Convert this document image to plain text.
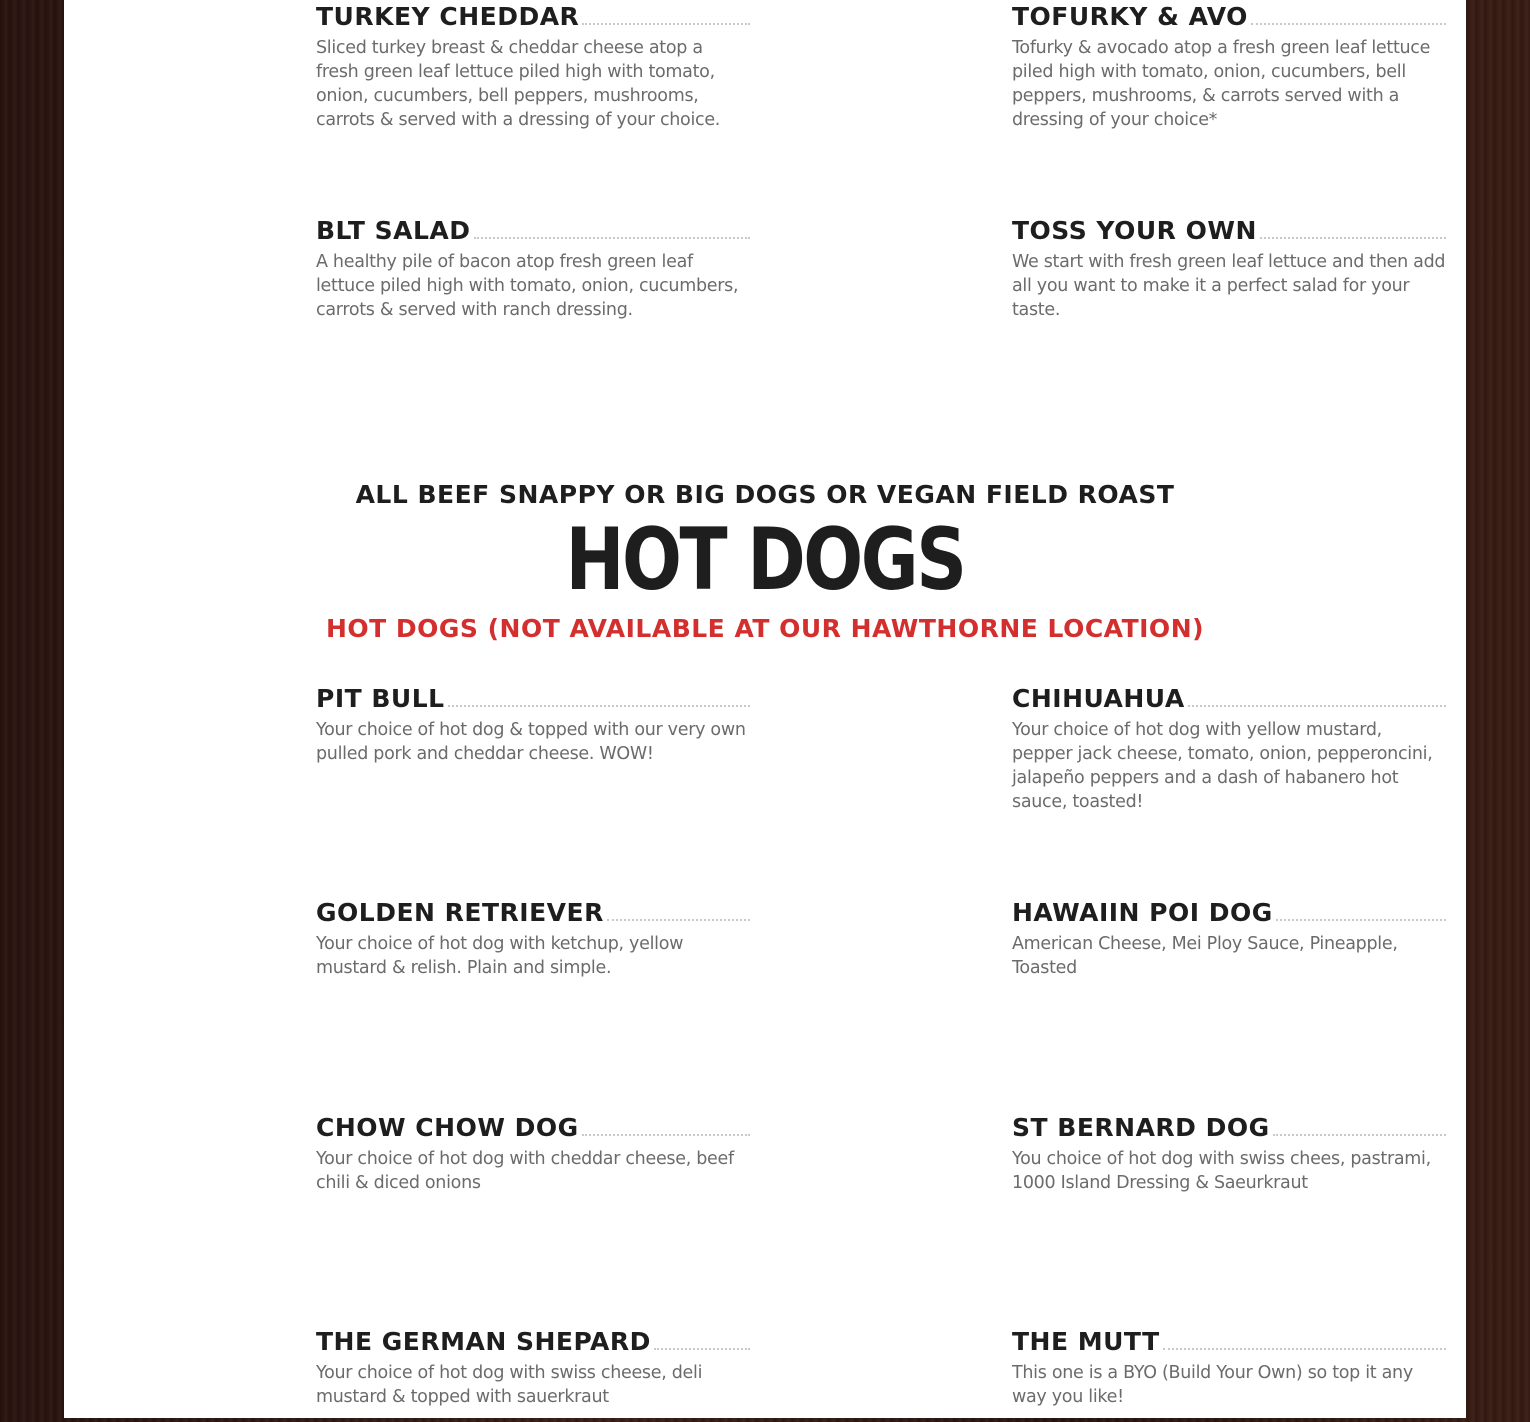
TURKEY CHEDDAR
Sliced turkey breast & cheddar cheese atop a fresh green leaf lettuce piled high with tomato, onion, cucumbers, bell peppers, mushrooms, carrots & served with a dressing of your choice.
TOFURKY & AVO
Tofurky & avocado atop a fresh green leaf lettuce piled high with tomato, onion, cucumbers, bell peppers, mushrooms, & carrots served with a dressing of your choice*
BLT SALAD
A healthy pile of bacon atop fresh green leaf lettuce piled high with tomato, onion, cucumbers, carrots & served with ranch dressing.
TOSS YOUR OWN
We start with fresh green leaf lettuce and then add all you want to make it a perfect salad for your taste.
ALL BEEF SNAPPY OR BIG DOGS OR VEGAN FIELD ROAST
HOT DOGS
HOT DOGS (NOT AVAILABLE AT OUR HAWTHORNE LOCATION)
PIT BULL
Your choice of hot dog & topped with our very own pulled pork and cheddar cheese. WOW!
CHIHUAHUA
Your choice of hot dog with yellow mustard, pepper jack cheese, tomato, onion, pepperoncini, jalapeño peppers and a dash of habanero hot sauce, toasted!
GOLDEN RETRIEVER
Your choice of hot dog with ketchup, yellow mustard & relish. Plain and simple.
HAWAIIN POI DOG
American Cheese, Mei Ploy Sauce, Pineapple, Toasted
CHOW CHOW DOG
Your choice of hot dog with cheddar cheese, beef chili & diced onions
ST BERNARD DOG
You choice of hot dog with swiss chees, pastrami, 1000 Island Dressing & Saeurkraut
THE GERMAN SHEPARD
Your choice of hot dog with swiss cheese, deli mustard & topped with sauerkraut
THE MUTT
This one is a BYO (Build Your Own) so top it any way you like!
